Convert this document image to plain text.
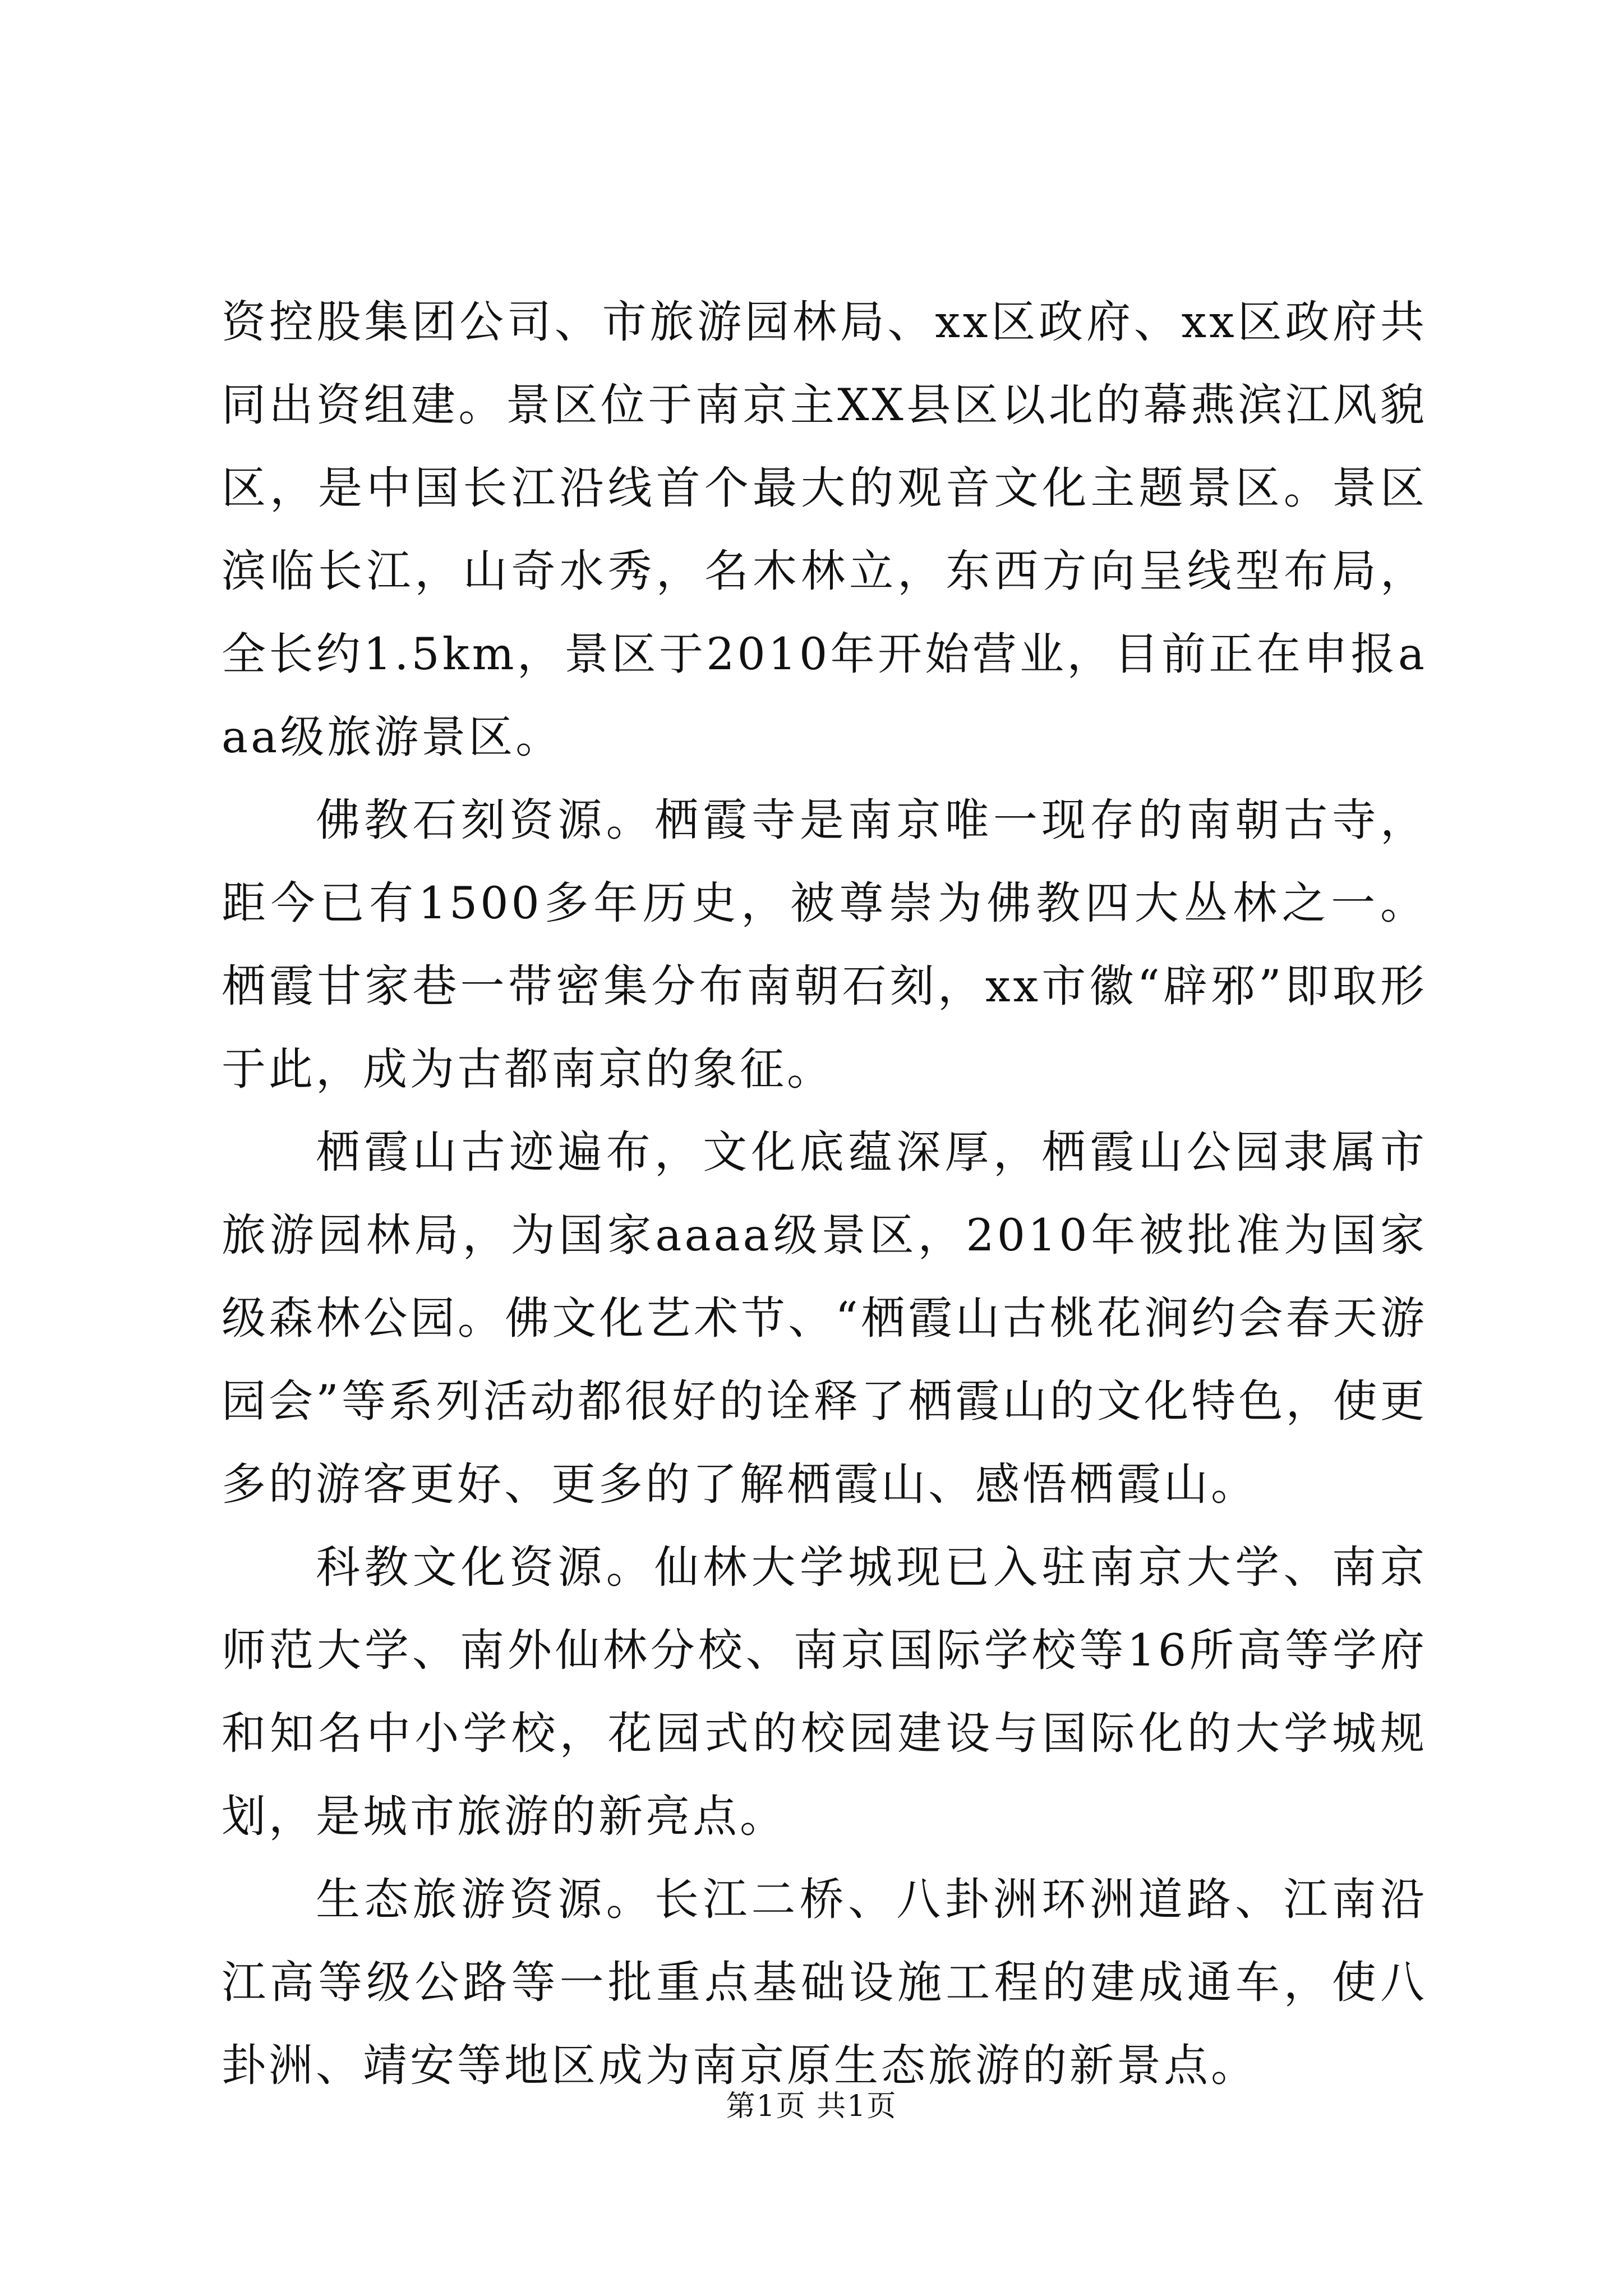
资控股集团公司、市旅游园林局、xx区政府、xx区政府共同出资组建。景区位于南京主XX县区以北的幕燕滨江风貌区，是中国长江沿线首个最大的观音文化主题景区。景区滨临长江，山奇水秀，名木林立，东西方向呈线型布局，全长约1.5km，景区于2010年开始营业，目前正在申报aaa级旅游景区。

佛教石刻资源。栖霞寺是南京唯一现存的南朝古寺，距今已有1500多年历史，被尊崇为佛教四大丛林之一。栖霞甘家巷一带密集分布南朝石刻，xx市徽“辟邪”即取形于此，成为古都南京的象征。

栖霞山古迹遍布，文化底蕴深厚，栖霞山公园隶属市旅游园林局，为国家aaaa级景区，2010年被批准为国家级森林公园。佛文化艺术节、“栖霞山古桃花涧约会春天游园会”等系列活动都很好的诠释了栖霞山的文化特色，使更多的游客更好、更多的了解栖霞山、感悟栖霞山。

科教文化资源。仙林大学城现已入驻南京大学、南京师范大学、南外仙林分校、南京国际学校等16所高等学府和知名中小学校，花园式的校园建设与国际化的大学城规划，是城市旅游的新亮点。

生态旅游资源。长江二桥、八卦洲环洲道路、江南沿江高等级公路等一批重点基础设施工程的建成通车，使八卦洲、靖安等地区成为南京原生态旅游的新景点。

第1页 共1页
